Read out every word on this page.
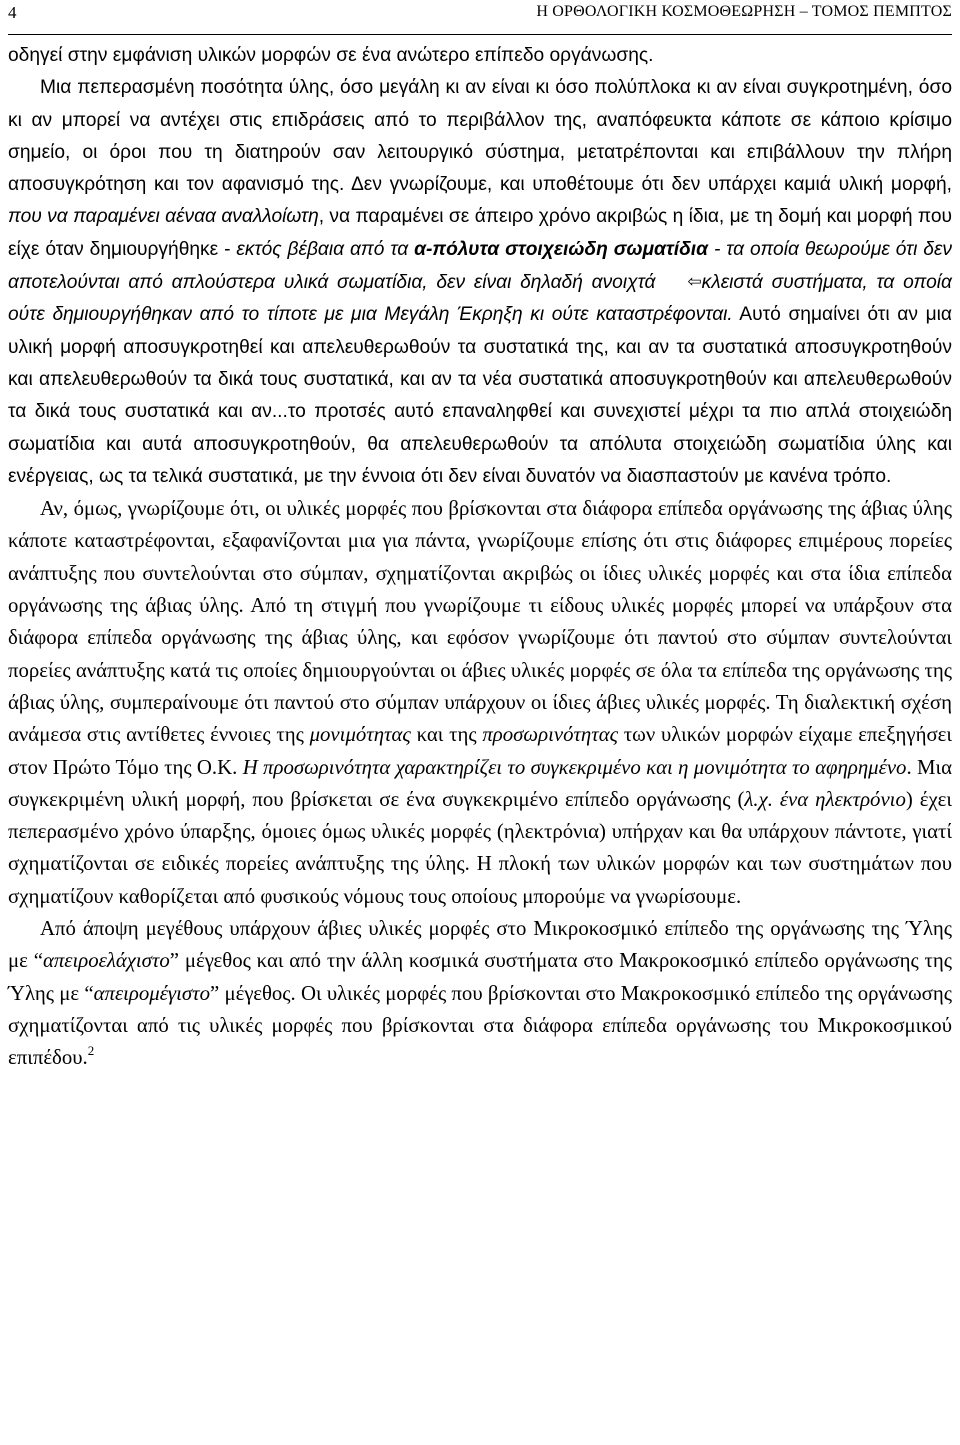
4	Η ΟΡΘΟΛΟΓΙΚΗ ΚΟΣΜΟΘΕΩΡΗΣΗ – ΤΟΜΟΣ ΠΕΜΠΤΟΣ

οδηγεί στην εμφάνιση υλικών μορφών σε ένα ανώτερο επίπεδο οργάνωσης.

Μια πεπερασμένη ποσότητα ύλης, όσο μεγάλη κι αν είναι κι όσο πολύπλοκα κι αν είναι συγκροτημένη, όσο κι αν μπορεί να αντέχει στις επιδράσεις από το περιβάλλον της, αναπόφευκτα κάποτε σε κάποιο κρίσιμο σημείο, οι όροι που τη διατηρούν σαν λειτουργικό σύστημα, μετατρέπονται και επιβάλλουν την πλήρη αποσυγκρότηση και τον αφανισμό της. Δεν γνωρίζουμε, και υποθέτουμε ότι δεν υπάρχει καμιά υλική μορφή, που να παραμένει αέναα αναλλοίωτη, να παραμένει σε άπειρο χρόνο ακριβώς η ίδια, με τη δομή και μορφή που είχε όταν δημιουργήθηκε - εκτός βέβαια από τα α-πόλυτα στοιχειώδη σωματίδια - τα οποία θεωρούμε ότι δεν αποτελούνται από απλούστερα υλικά σωματίδια, δεν είναι δηλαδή ανοιχτά ⇦κλειστά συστήματα, τα οποία ούτε δημιουργήθηκαν από το τίποτε με μια Μεγάλη Έκρηξη κι ούτε καταστρέφονται. Αυτό σημαίνει ότι αν μια υλική μορφή αποσυγκροτηθεί και απελευθερωθούν τα συστατικά της, και αν τα συστατικά αποσυγκροτηθούν και απελευθερωθούν τα δικά τους συστατικά, και αν τα νέα συστατικά αποσυγκροτηθούν και απελευθερωθούν τα δικά τους συστατικά και αν...το προτσές αυτό επαναληφθεί και συνεχιστεί μέχρι τα πιο απλά στοιχειώδη σωματίδια και αυτά αποσυγκροτηθούν, θα απελευθερωθούν τα απόλυτα στοιχειώδη σωματίδια ύλης και ενέργειας, ως τα τελικά συστατικά, με την έννοια ότι δεν είναι δυνατόν να διασπαστούν με κανένα τρόπο.

Αν, όμως, γνωρίζουμε ότι, οι υλικές μορφές που βρίσκονται στα διάφορα επίπεδα οργάνωσης της άβιας ύλης κάποτε καταστρέφονται, εξαφανίζονται μια για πάντα, γνωρίζουμε επίσης ότι στις διάφορες επιμέρους πορείες ανάπτυξης που συντελούνται στο σύμπαν, σχηματίζονται ακριβώς οι ίδιες υλικές μορφές και στα ίδια επίπεδα οργάνωσης της άβιας ύλης. Από τη στιγμή που γνωρίζουμε τι είδους υλικές μορφές μπορεί να υπάρξουν στα διάφορα επίπεδα οργάνωσης της άβιας ύλης, και εφόσον γνωρίζουμε ότι παντού στο σύμπαν συντελούνται πορείες ανάπτυξης κατά τις οποίες δημιουργούνται οι άβιες υλικές μορφές σε όλα τα επίπεδα της οργάνωσης της άβιας ύλης, συμπεραίνουμε ότι παντού στο σύμπαν υπάρχουν οι ίδιες άβιες υλικές μορφές. Τη διαλεκτική σχέση ανάμεσα στις αντίθετες έννοιες της μονιμότητας και της προσωρινότητας των υλικών μορφών είχαμε επεξηγήσει στον Πρώτο Τόμο της Ο.Κ. Η προσωρινότητα χαρακτηρίζει το συγκεκριμένο και η μονιμότητα το αφηρημένο. Μια συγκεκριμένη υλική μορφή, που βρίσκεται σε ένα συγκεκριμένο επίπεδο οργάνωσης (λ.χ. ένα ηλεκτρόνιο) έχει πεπερασμένο χρόνο ύπαρξης, όμοιες όμως υλικές μορφές (ηλεκτρόνια) υπήρχαν και θα υπάρχουν πάντοτε, γιατί σχηματίζονται σε ειδικές πορείες ανάπτυξης της ύλης. Η πλοκή των υλικών μορφών και των συστημάτων που σχηματίζουν καθορίζεται από φυσικούς νόμους τους οποίους μπορούμε να γνωρίσουμε.

Από άποψη μεγέθους υπάρχουν άβιες υλικές μορφές στο Μικροκοσμικό επίπεδο της οργάνωσης της Ύλης με “απειροελάχιστο” μέγεθος και από την άλλη κοσμικά συστήματα στο Μακροκοσμικό επίπεδο οργάνωσης της Ύλης με “απειρομέγιστο” μέγεθος. Οι υλικές μορφές που βρίσκονται στο Μακροκοσμικό επίπεδο της οργάνωσης σχηματίζονται από τις υλικές μορφές που βρίσκονται στα διάφορα επίπεδα οργάνωσης του Μικροκοσμικού επιπέδου.$^2$
